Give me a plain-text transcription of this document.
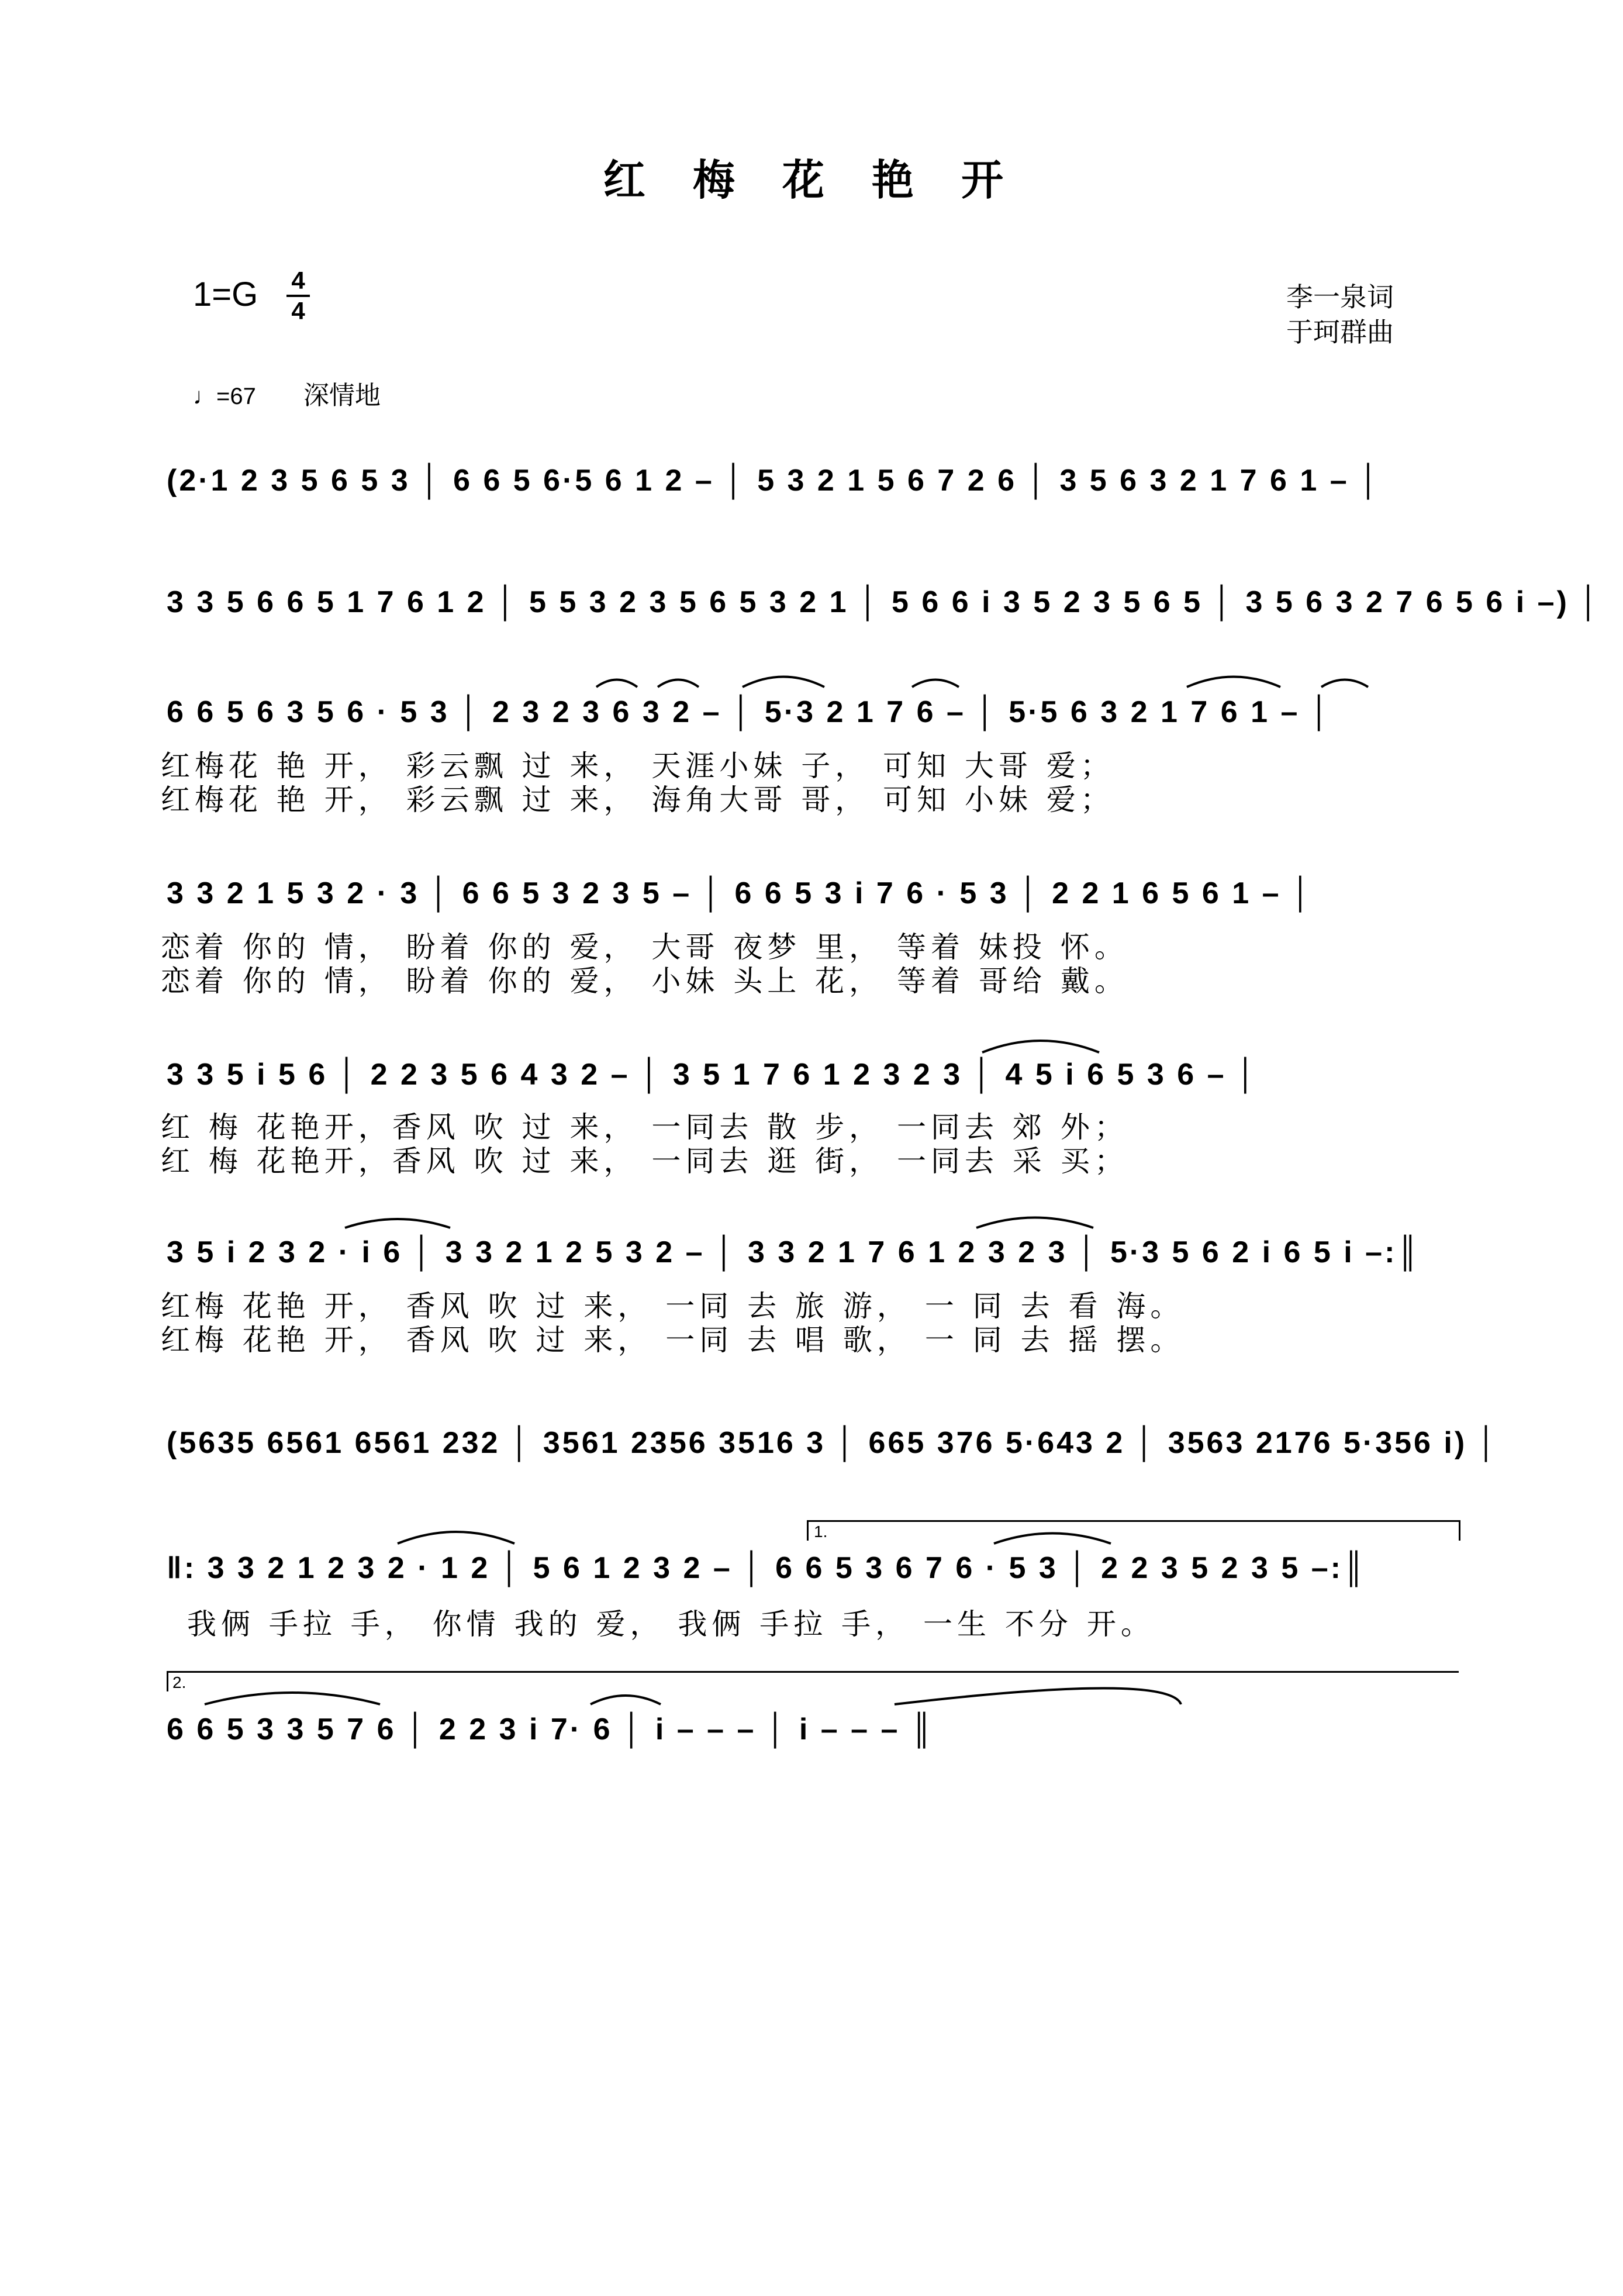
红 梅 花 艳 开
1=G 4
4	李一泉词
于珂群曲
♩=67 深情地
(2·1 2 3 5 6 5 3 │ 6 6 5 6·5 6 1 2 – │ 5 3 2 1 5 6 7 2 6 │ 3 5 6 3 2 1 7 6 1 – │
3 3 5 6 6 5 1 7 6 1 2 │ 5 5 3 2 3 5 6 5 3 2 1 │ 5 6 6 i 3 5 2 3 5 6 5 │ 3 5 6 3 2 7 6 5 6 i –) │
6 6 5 6 3 5 6 · 5 3 │ 2 3 2 3 6 3 2 – │ 5·3 2 1 7 6 – │ 5·5 6 3 2 1 7 6 1 – │
红梅花 艳 开， 彩云飘 过 来， 天涯小妹 子， 可知 大哥 爱；
红梅花 艳 开， 彩云飘 过 来， 海角大哥 哥， 可知 小妹 爱；
3 3 2 1 5 3 2 · 3 │ 6 6 5 3 2 3 5 – │ 6 6 5 3 i 7 6 · 5 3 │ 2 2 1 6 5 6 1 – │
恋着 你的 情， 盼着 你的 爱， 大哥 夜梦 里， 等着 妹投 怀。
恋着 你的 情， 盼着 你的 爱， 小妹 头上 花， 等着 哥给 戴。
3 3 5 i 5 6 │ 2 2 3 5 6 4 3 2 – │ 3 5 1 7 6 1 2 3 2 3 │ 4 5 i 6 5 3 6 – │
红 梅 花艳开，香风 吹 过 来， 一同去 散 步， 一同去 郊 外；
红 梅 花艳开，香风 吹 过 来， 一同去 逛 街， 一同去 采 买；
3 5 i 2 3 2 · i 6 │ 3 3 2 1 2 5 3 2 – │ 3 3 2 1 7 6 1 2 3 2 3 │ 5·3 5 6 2 i 6 5 i –:║
红梅 花艳 开， 香风 吹 过 来， 一同 去 旅 游， 一 同 去 看 海。
红梅 花艳 开， 香风 吹 过 来， 一同 去 唱 歌， 一 同 去 摇 摆。
(5635 6561 6561 232 │ 3561 2356 3516 3 │ 665 376 5·643 2 │ 3563 2176 5·356 i) │
1.
‖: 3 3 2 1 2 3 2 · 1 2 │ 5 6 1 2 3 2 – │ 6 6 5 3 6 7 6 · 5 3 │ 2 2 3 5 2 3 5 –:║
我俩 手拉 手， 你情 我的 爱， 我俩 手拉 手， 一生 不分 开。
2.
6 6 5 3 3 5 7 6 │ 2 2 3 i 7· 6 │ i – – – │ i – – – ║
